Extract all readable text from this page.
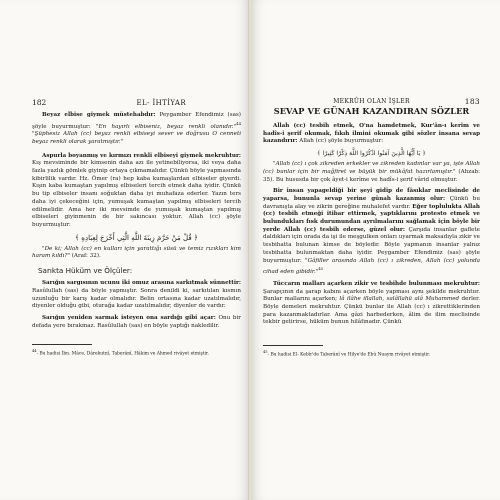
182	EL- İHTİYAR

Beyaz elbise giymek müstehabdır: Peygamber Efendimiz (sas) şöyle buyurmuştur: "En hayırlı elbiseniz, beyaz renkli olanıdır."$^{44}$ "Şüphesiz Allah (cc) beyaz renkli elbiseyi sever ve doğrusu O cenneti beyaz renkli olarak yaratmıştır."

Aspurla boyanmış ve kırmızı renkli elbiseyi giymek mekruhtur: Kış mevsiminde bir kimsenin daha azı ile yetinebiliyorsa, iki veya daha fazla yazlık gömlek giyinip ortaya çıkmamalıdır. Çünkü böyle yapmasında kibirlilik vardır. Hz. Ömer (ra) hep kaba kumaşlardan elbiseler giyerdi. Kışın kaba kumaştan yapılmış elbiseleri tercih etmek daha iyidir. Çünkü bu tip elbiseler insanı soğuktan daha iyi muhafaza ederler. Yazın ters daha iyi çekeceğini için, yumuşak kumaştan yapılmış elbiseleri tercih edilmelidir. Ama her iki mevsimde de yumuşak kumaştan yapılmış elbiseleri giyinmenin de bir sakıncası yoktur. Allah (cc) şöyle buyurmuştur:

﴿ قُلْ مَنْ حَرَّمَ زِينَةَ اللَّهِ الَّتِي أَخْرَجَ لِعِبَادِهِ ﴾

"De ki; Allah (cc) en kulları için yarattığı süsü ve temiz rızıkları kim haram kıldı?" (Araf: 32).

Sarıkta Hüküm ve Ölçüler:

Sarığın sargısının ucunu iki omuz arasına sarkıtmak sünnettir: Rasûlullah (sas) da böyle yapmıştır. Sonra denildi ki, sarkıtılan kısmın uzunluğu bir karış kadar olmalıdır. Belin ortasına kadar uzatılmalıdır, diyenler olduğu gibi, oturağa kadar uzatılmalıdır, diyenler de vardır.

Sarığın yeniden sarmak isteyen ona sardığı gibi açar: Onu bir defada yere bırakmaz. Rasûlullah (sas) en böyle yaptığı nakledilir.

$^{44}$- Bu hadisi İbn. Mâce, Dârekutnî, Taberânî, Hâkim ve Ahmed rivâyet etmiştir.

MEKRÛH OLAN İŞLER	183
SEVAP VE GÜNAH KAZANDIRAN SÖZLER

Allah (cc) tesbih etmek, O'na hamdetmek, Kur'ân-ı kerîm ve hadîs-i şerif okumak, fıkıh ilmini okumak gibi sözler insana sevap kazandırır: Allah (cc) şöyle buyurmuştur:

﴿ يَا أَيُّهَا الَّذِينَ آمَنُوا اذْكُرُوا اللَّهَ ذِكْرًا كَثِيرًا ﴾

"Allah (cc) ı çok zikreden erkekler ve zikreden kadınlar var ya, işte Allah (cc) bunlar için bir mağfiret ve büyük bir mükâfat hazırlamıştır." (Ahzab: 35). Bu hususda bir çok âyet-i kerîme ve hadîs-i şerif vârid olmuştur.

Bir insan yapageldiği bir şeyi gidip de fâsıklar meclisinde de yaparsa, bununla sevap yerine günah kazanmış olur: Çünkü bu davranışta alay ve zikrin gereğine muhalefet vardır. Eğer toplulukta Allah (cc) tesbih etmeği itibar ettirmek, yaptıklarını protesto etmek ve bulundukları fısk durumundan ayrılmalarını sağlamak için böyle bir yerde Allah (cc) tesbih ederse, güzel olur: Çarşıda insanlar gaflete daldıkları için orada da işi ile meşgulken onları uyarmak maksadıyla zikir ve tesbihatta bulunan kimse de böyledir. Böyle yapmanın insanlar yalnız tesbihatta bulunmaktan daha iyidir. Peygamber Efendimiz (sas) şöyle buyurmuştur: "Gâfiller arasında Allah (cc) ı zikreden, Allah (cc) yolunda cihad eden gibidir."$^{45}$

Tüccarın malları açarken zikir ve tesbihde bulunması mekruhtur: Şarapçının da şarap kabını açarken böyle yapması aynı şekilde mekruhtur. Bunlar mallarını açarken; lâ ilâhe illallah, salâllahü alâ Muhammed derler. Böyle demeleri mekruhtur. Çünkü bunlar ile Allah (cc) ı zikrettiklerinden para kazanmaktadırlar. Ama gâzi harbederken, âlim de ilim meclisinde tekbir getirirse, hüküm bunun hilâfınadır. Çünkü

$^{45}$- Bu hadisi El- Kebîr'de Taberânî ve Hilye'de Ebû Nuaym rivâyet etmiştir.
